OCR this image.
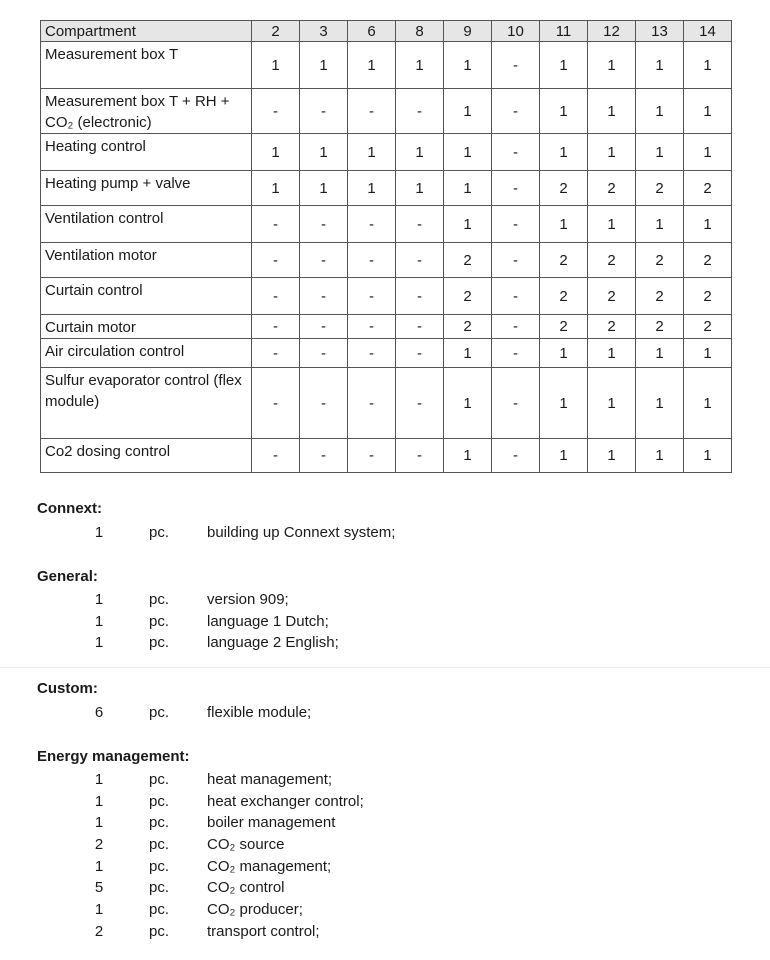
Compartment	2	3	6	8	9	10	11	12	13	14
Measurement box T	1	1	1	1	1	-	1	1	1	1
Measurement box T + RH + CO₂ (electronic)	-	-	-	-	1	-	1	1	1	1
Heating control	1	1	1	1	1	-	1	1	1	1
Heating pump + valve	1	1	1	1	1	-	2	2	2	2
Ventilation control	-	-	-	-	1	-	1	1	1	1
Ventilation motor	-	-	-	-	2	-	2	2	2	2
Curtain control	-	-	-	-	2	-	2	2	2	2
Curtain motor	-	-	-	-	2	-	2	2	2	2
Air circulation control	-	-	-	-	1	-	1	1	1	1
Sulfur evaporator control (flex module)	-	-	-	-	1	-	1	1	1	1
Co2 dosing control	-	-	-	-	1	-	1	1	1	1
Connext:
1	pc.	building up Connext system;
General:
1	pc.	version 909;
1	pc.	language 1 Dutch;
1	pc.	language 2 English;
Custom:
6	pc.	flexible module;
Energy management:
1	pc.	heat management;
1	pc.	heat exchanger control;
1	pc.	boiler management
2	pc.	CO₂ source
1	pc.	CO₂ management;
5	pc.	CO₂ control
1	pc.	CO₂ producer;
2	pc.	transport control;
